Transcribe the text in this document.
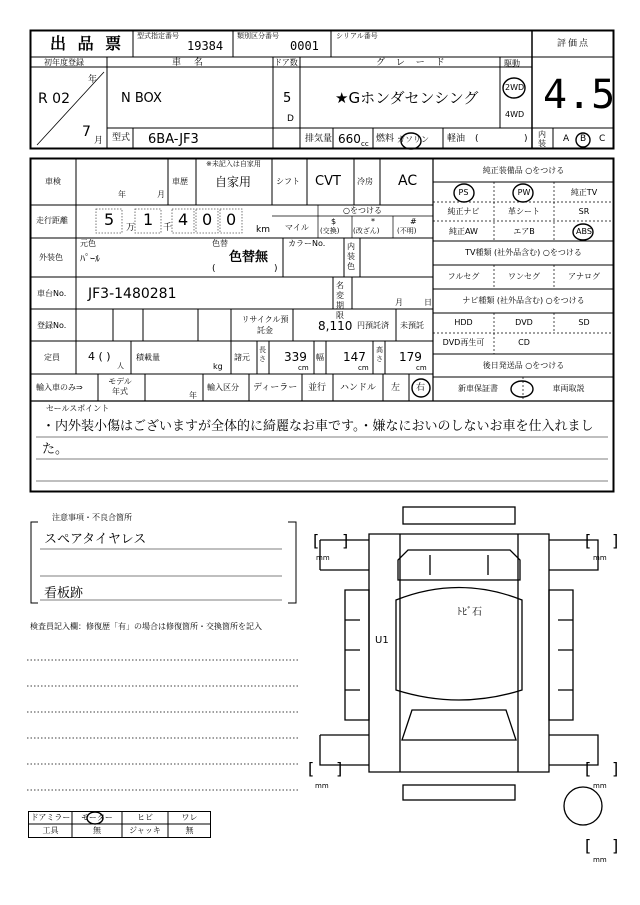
出 品 票 型式指定番号
19384
類別区分番号
0001
シリアル番号
評価点
4.5
初年度登録
R 02
年
7
月
車 名
N BOX
型式 6BA-JF3
ドア数
5
D
グ レ ー ド
★Gホンダセンシング
駆動
2WD
4WD
排気量 660 cc 燃料 ガソリン 軽油 (	) 内装 A B C
車検
年	月
※未記入は自家用
車歴 自家用	シフト CVT 冷房 AC
走行距離 5 万 1 千 4 0 0
km マイル
○をつける
$
(交換)
*
(改ざん)
#
(不明)
外装色
元色
ﾊﾟｰﾙ
色替
色替無
(	)
カラーNo.	内装色
車台No. JF3-1480281
名変期限
月	日
登録No.
リサイクル預託金	8,110 円預託済 未預託
定員	4 ( )
人
積載量
kg
諸元
長さ 339
cm
幅 147
cm
高さ 179
cm
輸入車のみ⇒
モデル年式	年
輸入区分 ディーラー 並行 ハンドル 左 右
純正装備品 ○をつける
PS	PW	純正TV
純正ナビ	革シート	SR
純正AW	エアB	ABS
TV種類 (社外品含む) ○をつける
フルセグ	ワンセグ	アナログ
ナビ種類 (社外品含む) ○をつける
HDD	DVD	SD
DVD再生可	CD
後日発送品 ○をつける
新車保証書	車両取説
セールスポイント
・内外装小傷はございますが全体的に綺麗なお車です。・嫌なにおいのしないお車を仕入れまし
た。
注意事項・不良合箇所
スペアタイヤレス
看板跡
検査員記入欄：修復歴「有」の場合は修復箇所・交換箇所を記入
ドアミラー	モーター	ヒビ	ワレ
工具	無	ジャッキ	無
ﾄﾋﾞ石
U1
[ ]
mm
[ ]
mm
[ ]
mm
[ ]
mm
[ ]
mm
